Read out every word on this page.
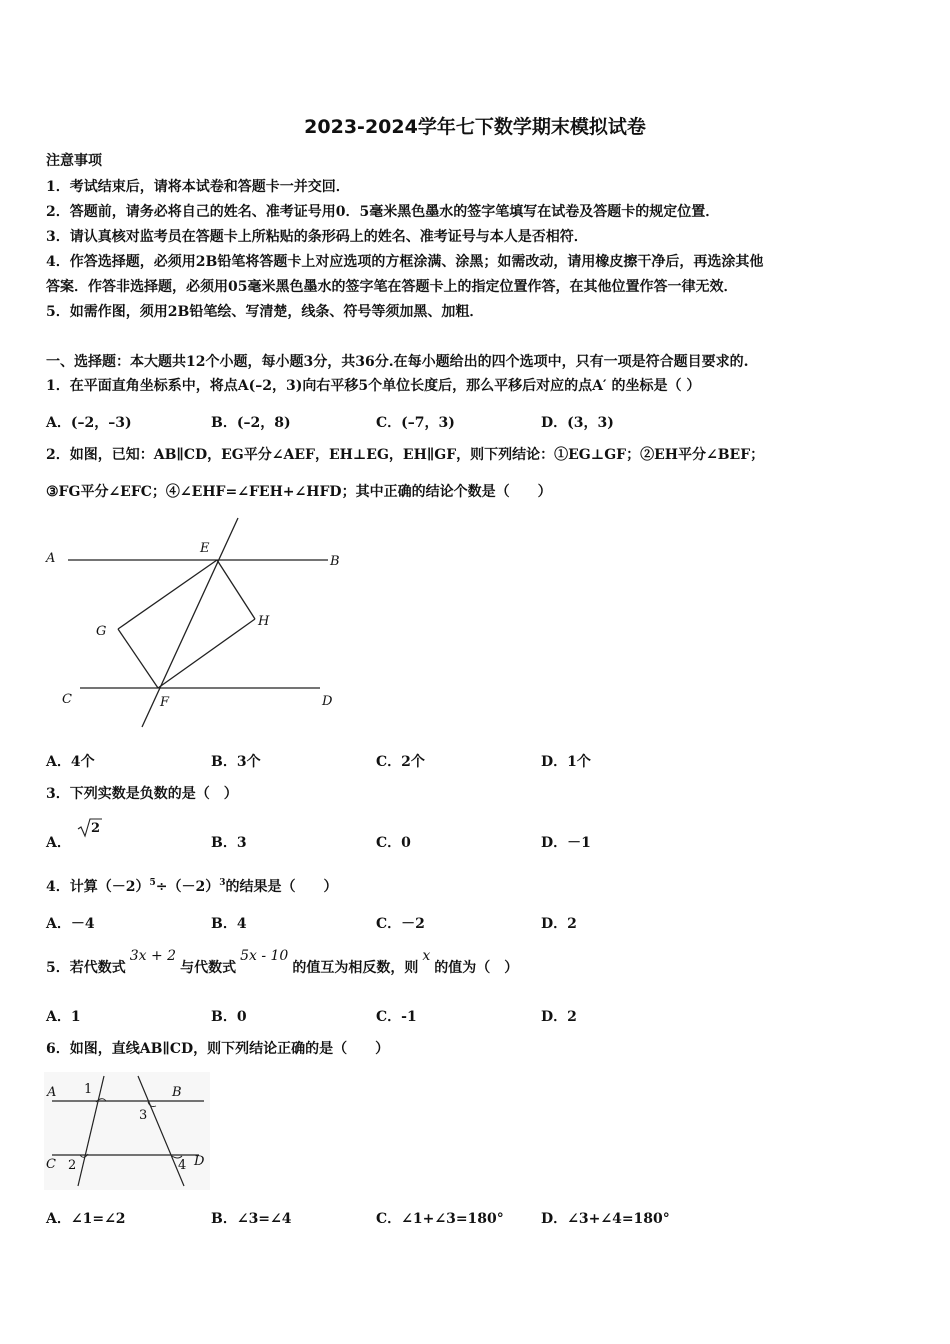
2023-2024学年七下数学期末模拟试卷
注意事项
1．考试结束后，请将本试卷和答题卡一并交回．
2．答题前，请务必将自己的姓名、准考证号用0．5毫米黑色墨水的签字笔填写在试卷及答题卡的规定位置．
3．请认真核对监考员在答题卡上所粘贴的条形码上的姓名、准考证号与本人是否相符．
4．作答选择题，必须用2B铅笔将答题卡上对应选项的方框涂满、涂黑；如需改动，请用橡皮擦干净后，再选涂其他
答案．作答非选择题，必须用05毫米黑色墨水的签字笔在答题卡上的指定位置作答，在其他位置作答一律无效．
5．如需作图，须用2B铅笔绘、写清楚，线条、符号等须加黑、加粗．
一、选择题：本大题共12个小题，每小题3分，共36分.在每小题给出的四个选项中，只有一项是符合题目要求的.
1．在平面直角坐标系中，将点A(–2，3)向右平移5个单位长度后，那么平移后对应的点A′ 的坐标是（ ）
A．(–2，–3)	B．(–2，8)	C．(–7，3)	D．(3，3)
2．如图，已知：AB∥CD，EG平分∠AEF，EH⊥EG，EH∥GF，则下列结论：①EG⊥GF；②EH平分∠BEF；
③FG平分∠EFC；④∠EHF=∠FEH+∠HFD；其中正确的结论个数是（　　）
A	B
C	D
E
F
G
H
A．4个	B．3个	C．2个	D．1个
3．下列实数是负数的是（　）
A．
2
B．3	C．0	D．－1
4．计算$(-2)^5\div(-2)^3$的结果是（　　）
A．－4	B．4	C．－2	D．2
5．若代数式3x + 2与代数式5x - 10的值互为相反数，则x的值为（　）
A．1	B．0	C．-1	D．2
6．如图，直线AB∥CD，则下列结论正确的是（　　）
A	B
C	D
1
2
3
4
A．∠1=∠2	B．∠3=∠4	C．∠1+∠3=180°	D．∠3+∠4=180°
